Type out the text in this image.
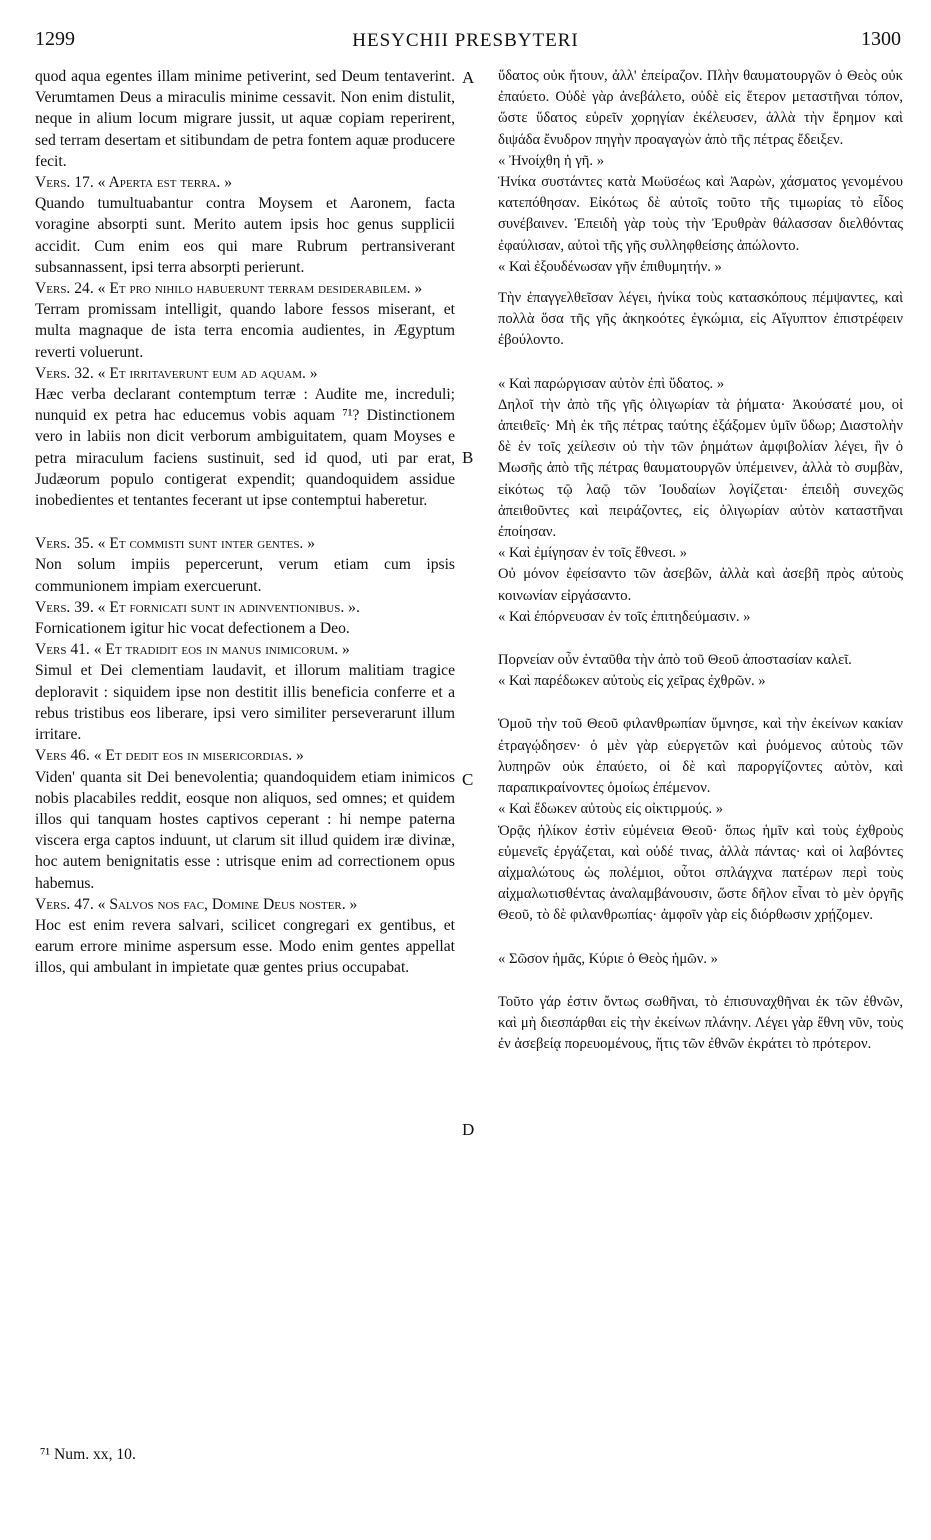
1299	HESYCHII PRESBYTERI	1300

quod aqua egentes illam minime petiverint, sed Deum tentaverint. Verumtamen Deus a miraculis minime cessavit. Non enim distulit, neque in alium locum migrare jussit, ut aquæ copiam reperirent, sed terram desertam et sitibundam de petra fontem aquæ producere fecit.

Vers. 17. « Aperta est terra. »

Quando tumultuabantur contra Moysem et Aaronem, facta voragine absorpti sunt. Merito autem ipsis hoc genus supplicii accidit. Cum enim eos qui mare Rubrum pertransiverant subsannassent, ipsi terra absorpti perierunt.

Vers. 24. « Et pro nihilo habuerunt terram desiderabilem. »

Terram promissam intelligit, quando labore fessos miserant, et multa magnaque de ista terra encomia audientes, in Ægyptum reverti voluerunt.

Vers. 32. « Et irritaverunt eum ad aquam. »

Hæc verba declarant contemptum terræ : Audite me, increduli; nunquid ex petra hac educemus vobis aquam ⁷¹? Distinctionem vero in labiis non dicit verborum ambiguitatem, quam Moyses e petra miraculum faciens sustinuit, sed id quod, uti par erat, Judæorum populo contigerat expendit; quandoquidem assidue inobedientes et tentantes fecerant ut ipse contemptui haberetur.

Vers. 35. « Et commisti sunt inter gentes. »

Non solum impiis pepercerunt, verum etiam cum ipsis communionem impiam exercuerunt.

Vers. 39. « Et fornicati sunt in adinventionibus. ».

Fornicationem igitur hic vocat defectionem a Deo.

Vers 41. « Et tradidit eos in manus inimicorum. »

Simul et Dei clementiam laudavit, et illorum malitiam tragice deploravit : siquidem ipse non destitit illis beneficia conferre et a rebus tristibus eos liberare, ipsi vero similiter perseverarunt illum irritare.

Vers 46. « Et dedit eos in misericordias. »

Viden' quanta sit Dei benevolentia; quandoquidem etiam inimicos nobis placabiles reddit, eosque non aliquos, sed omnes; et quidem illos qui tanquam hostes captivos ceperant : hi nempe paterna viscera erga captos induunt, ut clarum sit illud quidem iræ divinæ, hoc autem benignitatis esse : utrisque enim ad correctionem opus habemus.

Vers. 47. « Salvos nos fac, Domine Deus noster. »

Hoc est enim revera salvari, scilicet congregari ex gentibus, et earum errore minime aspersum esse. Modo enim gentes appellat illos, qui ambulant in impietate quæ gentes prius occupabat.

A
B
C
D

ὕδατος οὐκ ἤτουν, ἀλλ' ἐπείραζον. Πλὴν θαυματουργῶν ὁ Θεὸς οὐκ ἐπαύετο. Οὐδὲ γὰρ ἀνεβάλετο, οὐδὲ εἰς ἕτερον μεταστῆναι τόπον, ὥστε ὕδατος εὑρεῖν χορηγίαν ἐκέλευσεν, ἀλλὰ τὴν ἔρημον καὶ διψάδα ἔνυδρον πηγὴν προαγαγὼν ἀπὸ τῆς πέτρας ἔδειξεν.

« Ἠνοίχθη ἡ γῆ. »

Ἡνίκα συστάντες κατὰ Μωϋσέως καὶ Ἀαρὼν, χάσματος γενομένου κατεπόθησαν. Εἰκότως δὲ αὐτοῖς τοῦτο τῆς τιμωρίας τὸ εἶδος συνέβαινεν. Ἐπειδὴ γὰρ τοὺς τὴν Ἐρυθρὰν θάλασσαν διελθόντας ἐφαύλισαν, αὐτοὶ τῆς γῆς συλληφθείσης ἀπώλοντο.

« Καὶ ἐξουδένωσαν γῆν ἐπιθυμητήν. »

Τὴν ἐπαγγελθεῖσαν λέγει, ἡνίκα τοὺς κατασκόπους πέμψαντες, καὶ πολλὰ ὅσα τῆς γῆς ἀκηκοότες ἐγκώμια, εἰς Αἴγυπτον ἐπιστρέφειν ἐβούλοντο.

« Καὶ παρώργισαν αὐτὸν ἐπὶ ὕδατος. »

Δηλοῖ τὴν ἀπὸ τῆς γῆς ὀλιγωρίαν τὰ ῥήματα· Ἀκούσατέ μου, οἱ ἀπειθεῖς· Μὴ ἐκ τῆς πέτρας ταύτης ἐξάξομεν ὑμῖν ὕδωρ; Διαστολὴν δὲ ἐν τοῖς χείλεσιν οὐ τὴν τῶν ῥημάτων ἀμφιβολίαν λέγει, ἣν ὁ Μωσῆς ἀπὸ τῆς πέτρας θαυματουργῶν ὑπέμεινεν, ἀλλὰ τὸ συμβὰν, εἰκότως τῷ λαῷ τῶν Ἰουδαίων λογίζεται· ἐπειδὴ συνεχῶς ἀπειθοῦντες καὶ πειράζοντες, εἰς ὀλιγωρίαν αὐτὸν καταστῆναι ἐποίησαν.

« Καὶ ἐμίγησαν ἐν τοῖς ἔθνεσι. »

Οὐ μόνον ἐφείσαντο τῶν ἀσεβῶν, ἀλλὰ καὶ ἀσεβῆ πρὸς αὐτοὺς κοινωνίαν εἰργάσαντο.

« Καὶ ἐπόρνευσαν ἐν τοῖς ἐπιτηδεύμασιν. »

Πορνείαν οὖν ἐνταῦθα τὴν ἀπὸ τοῦ Θεοῦ ἀποστασίαν καλεῖ.

« Καὶ παρέδωκεν αὐτοὺς εἰς χεῖρας ἐχθρῶν. »

Ὁμοῦ τὴν τοῦ Θεοῦ φιλανθρωπίαν ὕμνησε, καὶ τὴν ἐκείνων κακίαν ἐτραγῴδησεν· ὁ μὲν γὰρ εὐεργετῶν καὶ ῥυόμενος αὐτοὺς τῶν λυπηρῶν οὐκ ἐπαύετο, οἱ δὲ καὶ παροργίζοντες αὐτὸν, καὶ παραπικραίνοντες ὁμοίως ἐπέμενον.

« Καὶ ἔδωκεν αὐτοὺς εἰς οἰκτιρμούς. »

Ὁρᾷς ἡλίκον ἐστὶν εὐμένεια Θεοῦ· ὅπως ἡμῖν καὶ τοὺς ἐχθροὺς εὐμενεῖς ἐργάζεται, καὶ οὐδέ τινας, ἀλλὰ πάντας· καὶ οἱ λαβόντες αἰχμαλώτους ὡς πολέμιοι, οὗτοι σπλάγχνα πατέρων περὶ τοὺς αἰχμαλωτισθέντας ἀναλαμβάνουσιν, ὥστε δῆλον εἶναι τὸ μὲν ὀργῆς Θεοῦ, τὸ δὲ φιλανθρωπίας· ἀμφοῖν γὰρ εἰς διόρθωσιν χρῄζομεν.

« Σῶσον ἡμᾶς, Κύριε ὁ Θεὸς ἡμῶν. »

Τοῦτο γάρ ἐστιν ὄντως σωθῆναι, τὸ ἐπισυναχθῆναι ἐκ τῶν ἐθνῶν, καὶ μὴ διεσπάρθαι εἰς τὴν ἐκείνων πλάνην. Λέγει γὰρ ἔθνη νῦν, τοὺς ἐν ἀσεβείᾳ πορευομένους, ἥτις τῶν ἐθνῶν ἐκράτει τὸ πρότερον.

⁷¹ Num. xx, 10.
